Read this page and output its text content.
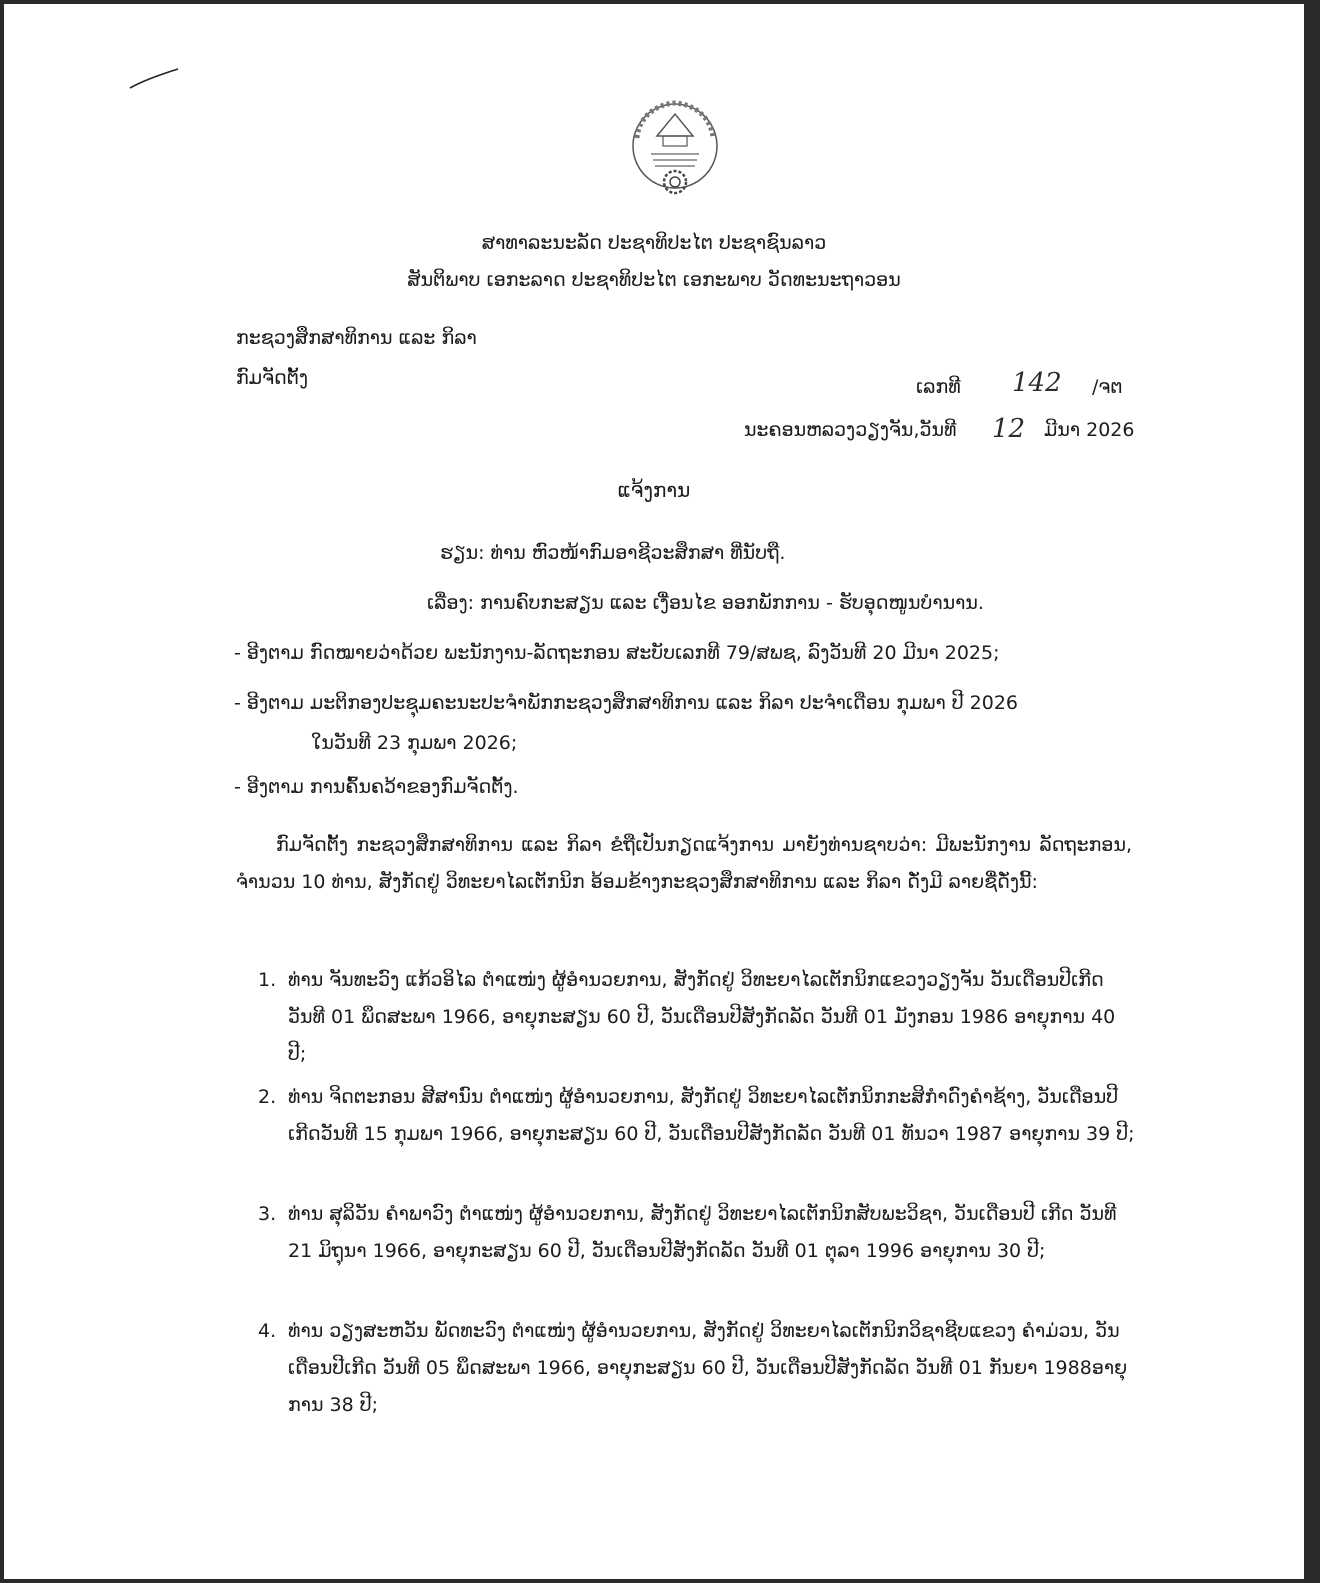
ສາທາລະນະລັດ ປະຊາທິປະໄຕ ປະຊາຊົນລາວ
ສັນຕິພາບ ເອກະລາດ ປະຊາທິປະໄຕ ເອກະພາບ ວັດທະນະຖາວອນ
ກະຊວງສຶກສາທິການ ແລະ ກິລາ
ກົມຈັດຕັ້ງ	ເລກທີ 142 /ຈຕ
ນະຄອນຫລວງວຽງຈັນ,ວັນທີ 12 ມີນາ 2026
ແຈ້ງການ
ຮຽນ: ທ່ານ ຫົວໜ້າກົມອາຊີວະສຶກສາ ທີ່ນັບຖື.
ເລື່ອງ: ການຄົບກະສຽນ ແລະ ເງື່ອນໄຂ ອອກພັກການ - ຮັບອຸດໜູນບຳນານ.
- ອີງຕາມ ກົດໝາຍວ່າດ້ວຍ ພະນັກງານ-ລັດຖະກອນ ສະບັບເລກທີ 79/ສພຊ, ລົງວັນທີ 20 ມີນາ 2025;
- ອີງຕາມ ມະຕິກອງປະຊຸມຄະນະປະຈຳພັກກະຊວງສຶກສາທິການ ແລະ ກິລາ ປະຈຳເດືອນ ກຸມພາ ປີ 2026
ໃນວັນທີ 23 ກຸມພາ 2026;
- ອີງຕາມ ການຄົ້ນຄວ້າຂອງກົມຈັດຕັ້ງ.
ກົມຈັດຕັ້ງ ກະຊວງສຶກສາທິການ ແລະ ກິລາ ຂໍຖືເປັນກຽດແຈ້ງການ ມາຍັງທ່ານຊາບວ່າ: ມີພະນັກງານ ລັດຖະກອນ, ຈຳນວນ 10 ທ່ານ, ສັງກັດຢູ່ ວິທະຍາໄລເຕັກນິກ ອ້ອມຂ້າງກະຊວງສຶກສາທິການ ແລະ ກິລາ ດັ່ງມີ ລາຍຊື່ດັ່ງນີ້:
1. ທ່ານ ຈັນທະວົງ ແກ້ວອິໄລ ຕຳແໜ່ງ ຜູ້ອຳນວຍການ, ສັງກັດຢູ່ ວິທະຍາໄລເຕັກນິກແຂວງວຽງຈັນ ວັນເດືອນປີເກີດວັນທີ 01 ພຶດສະພາ 1966, ອາຍຸກະສຽນ 60 ປີ, ວັນເດືອນປີສັງກັດລັດ ວັນທີ 01 ມັງກອນ 1986 ອາຍຸການ 40 ປີ;
2. ທ່ານ ຈິດຕະກອນ ສີສານົນ ຕຳແໜ່ງ ຜູ້ອຳນວຍການ, ສັງກັດຢູ່ ວິທະຍາໄລເຕັກນິກກະສິກຳດົງຄຳຊ້າງ, ວັນເດືອນປີເກີດວັນທີ 15 ກຸມພາ 1966, ອາຍຸກະສຽນ 60 ປີ, ວັນເດືອນປີສັງກັດລັດ ວັນທີ 01 ທັນວາ 1987 ອາຍຸການ 39 ປີ;
3. ທ່ານ ສຸລິວັນ ຄຳພາວົງ ຕຳແໜ່ງ ຜູ້ອຳນວຍການ, ສັງກັດຢູ່ ວິທະຍາໄລເຕັກນິກສັບພະວິຊາ, ວັນເດືອນປີ ເກີດ ວັນທີ 21 ມິຖຸນາ 1966, ອາຍຸກະສຽນ 60 ປີ, ວັນເດືອນປີສັງກັດລັດ ວັນທີ 01 ຕຸລາ 1996 ອາຍຸການ 30 ປີ;
4. ທ່ານ ວຽງສະຫວັນ ພັດທະວົງ ຕຳແໜ່ງ ຜູ້ອຳນວຍການ, ສັງກັດຢູ່ ວິທະຍາໄລເຕັກນິກວິຊາຊີບແຂວງ ຄຳມ່ວນ, ວັນເດືອນປີເກີດ ວັນທີ 05 ພຶດສະພາ 1966, ອາຍຸກະສຽນ 60 ປີ, ວັນເດືອນປີສັງກັດລັດ ວັນທີ 01 ກັນຍາ 1988ອາຍຸການ 38 ປີ;
